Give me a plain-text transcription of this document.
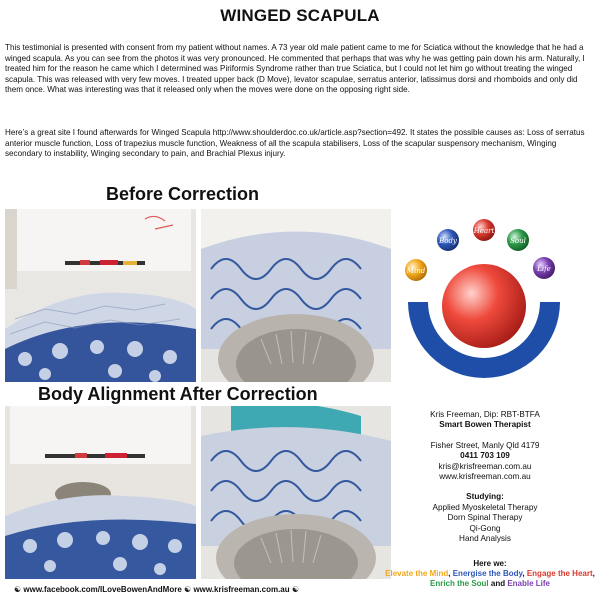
WINGED SCAPULA

This testimonial is presented with consent from my patient without names. A 73 year old male patient came to me for Sciatica without the knowledge that he had a winged scapula. As you can see from the photos it was very pronounced. He commented that perhaps that was why he was getting pain down his arm. Naturally, I treated him for the reason he came which I determined was Piriformis Syndrome rather than true Sciatica, but I could not let him go without treating the winged scapula. This was released with very few moves. I treated upper back (D Move), levator scapulae, serratus anterior, latissimus dorsi and rhomboids and only did them once. What was interesting was that it released only when the moves were done on the opposing right side.

Here’s a great site I found afterwards for Winged Scapula http://www.shoulderdoc.co.uk/article.asp?section=492. It states the possible causes as: Loss of serratus anterior muscle function, Loss of trapezius muscle function, Weakness of all the scapula stabilisers, Loss of the scapular suspensory mechanism, Winging secondary to instability, Winging secondary to pain, and Brachial Plexus injury.

Before Correction
Body Alignment After Correction
Mind
Body
Heart
Soul
Life
Kris Freeman, Dip: RBT-BTFA
Smart Bowen Therapist
Fisher Street, Manly Qld 4179
0411 703 109
kris@krisfreeman.com.au
www.krisfreeman.com.au
Studying:
Applied Myoskeletal Therapy
Dorn Spinal Therapy
Qi-Gong
Hand Analysis
Here we:
Elevate the Mind, Energise the Body, Engage the Heart, Enrich the Soul and Enable Life
☯ www.facebook.com/ILoveBowenAndMore ☯ www.krisfreeman.com.au ☯
